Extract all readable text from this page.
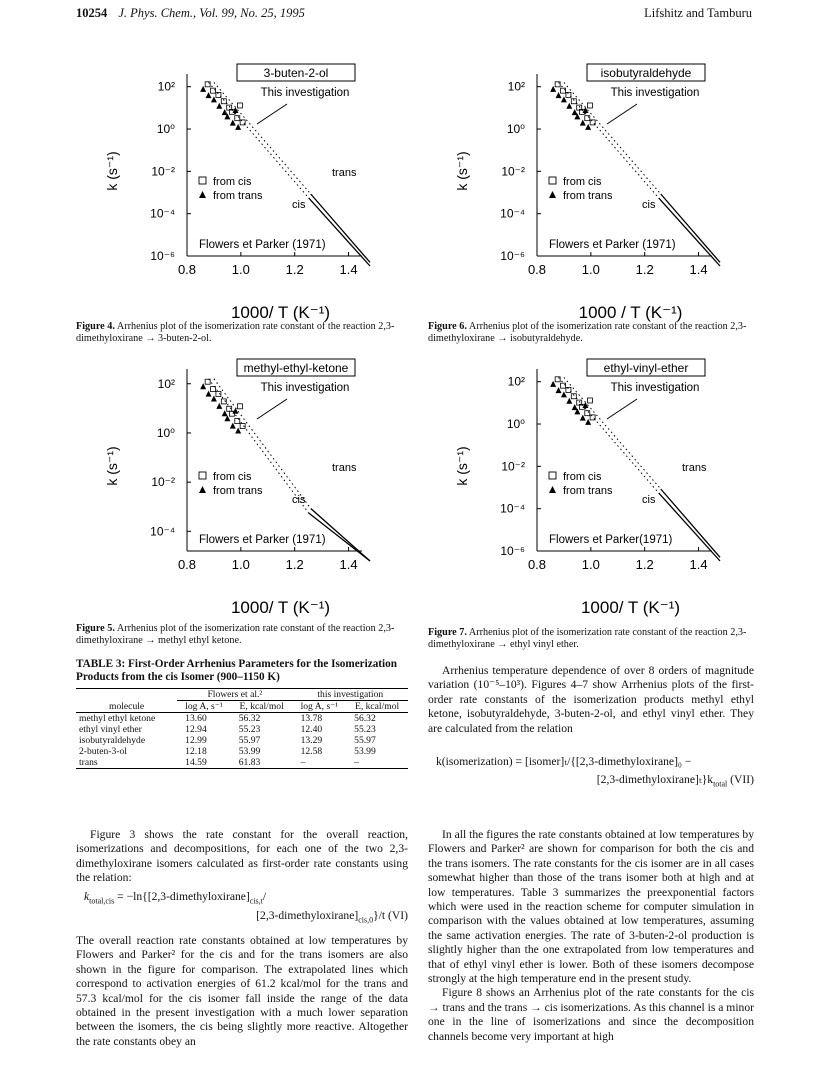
10254 J. Phys. Chem., Vol. 99, No. 25, 1995	Lifshitz and Tamburu
10²
10⁰
10⁻²
10⁻⁴
10⁻⁶
0.8	1.0	1.2	1.4
1000/ T (K⁻¹)
k (s⁻¹)
3-buten-2-ol
This investigation
from cis
from trans
Flowers et Parker (1971)
cis
trans
Figure 4. Arrhenius plot of the isomerization rate constant of the reaction 2,3-dimethyloxirane → 3-buten-2-ol.
10²
10⁰
10⁻²
10⁻⁴
10⁻⁶
0.8	1.0	1.2	1.4
1000 / T (K⁻¹)
k (s⁻¹)
isobutyraldehyde
This investigation
from cis
from trans
Flowers et Parker (1971)
cis
Figure 6. Arrhenius plot of the isomerization rate constant of the reaction 2,3-dimethyloxirane → isobutyraldehyde.
10²
10⁰
10⁻²
10⁻⁴
0.8	1.0	1.2	1.4
1000/ T (K⁻¹)
k (s⁻¹)
methyl-ethyl-ketone
This investigation
from cis
from trans
Flowers et Parker (1971)
cis
trans
Figure 5. Arrhenius plot of the isomerization rate constant of the reaction 2,3-dimethyloxirane → methyl ethyl ketone.
10²
10⁰
10⁻²
10⁻⁴
10⁻⁶
0.8	1.0	1.2	1.4
1000/ T (K⁻¹)
k (s⁻¹)
ethyl-vinyl-ether
This investigation
from cis
from trans
Flowers et Parker(1971)
cis
trans
Figure 7. Arrhenius plot of the isomerization rate constant of the reaction 2,3-dimethyloxirane → ethyl vinyl ether.
TABLE 3: First-Order Arrhenius Parameters for the Isomerization Products from the cis Isomer (900–1150 K)
	Flowers et al.²		this investigation	
molecule	log A, s⁻¹	E, kcal/mol	log A, s⁻¹	E, kcal/mol
methyl ethyl ketone	13.60	56.32	13.78	56.32
ethyl vinyl ether	12.94	55.23	12.40	55.23
isobutyraldehyde	12.99	55.97	13.29	55.97
2-buten-3-ol	12.18	53.99	12.58	53.99
trans	14.59	61.83	–	–

Figure 3 shows the rate constant for the overall reaction, isomerizations and decompositions, for each one of the two 2,3-dimethyloxirane isomers calculated as first-order rate constants using the relation:

$k_{total,cis}$ = $-\ln\{[2,3-dimethyloxirane]_{cis,t}/$
$[2,3-dimethyloxirane]_{cis,0}\}/t$ (VI)

The overall reaction rate constants obtained at low temperatures by Flowers and Parker² for the cis and for the trans isomers are also shown in the figure for comparison. The extrapolated lines which correspond to activation energies of 61.2 kcal/mol for the trans and 57.3 kcal/mol for the cis isomer fall inside the range of the data obtained in the present investigation with a much lower separation between the isomers, the cis being slightly more reactive. Altogether the rate constants obey an

Arrhenius temperature dependence of over 8 orders of magnitude variation (10⁻⁵–10³). Figures 4–7 show Arrhenius plots of the first-order rate constants of the isomerization products methyl ethyl ketone, isobutyraldehyde, 3-buten-2-ol, and ethyl vinyl ether. They are calculated from the relation

k(isomerization) = [isomer]ₜ/{[2,3-dimethyloxirane]₀ −
$[2,3-dimethyloxirane]_t\}k_{total}$ (VII)

In all the figures the rate constants obtained at low temperatures by Flowers and Parker² are shown for comparison for both the cis and the trans isomers. The rate constants for the cis isomer are in all cases somewhat higher than those of the trans isomer both at high and at low temperatures. Table 3 summarizes the preexponential factors which were used in the reaction scheme for computer simulation in comparison with the values obtained at low temperatures, assuming the same activation energies. The rate of 3-buten-2-ol production is slightly higher than the one extrapolated from low temperatures and that of ethyl vinyl ether is lower. Both of these isomers decompose strongly at the high temperature end in the present study.

Figure 8 shows an Arrhenius plot of the rate constants for the cis → trans and the trans → cis isomerizations. As this channel is a minor one in the line of isomerizations and since the decomposition channels become very important at high
